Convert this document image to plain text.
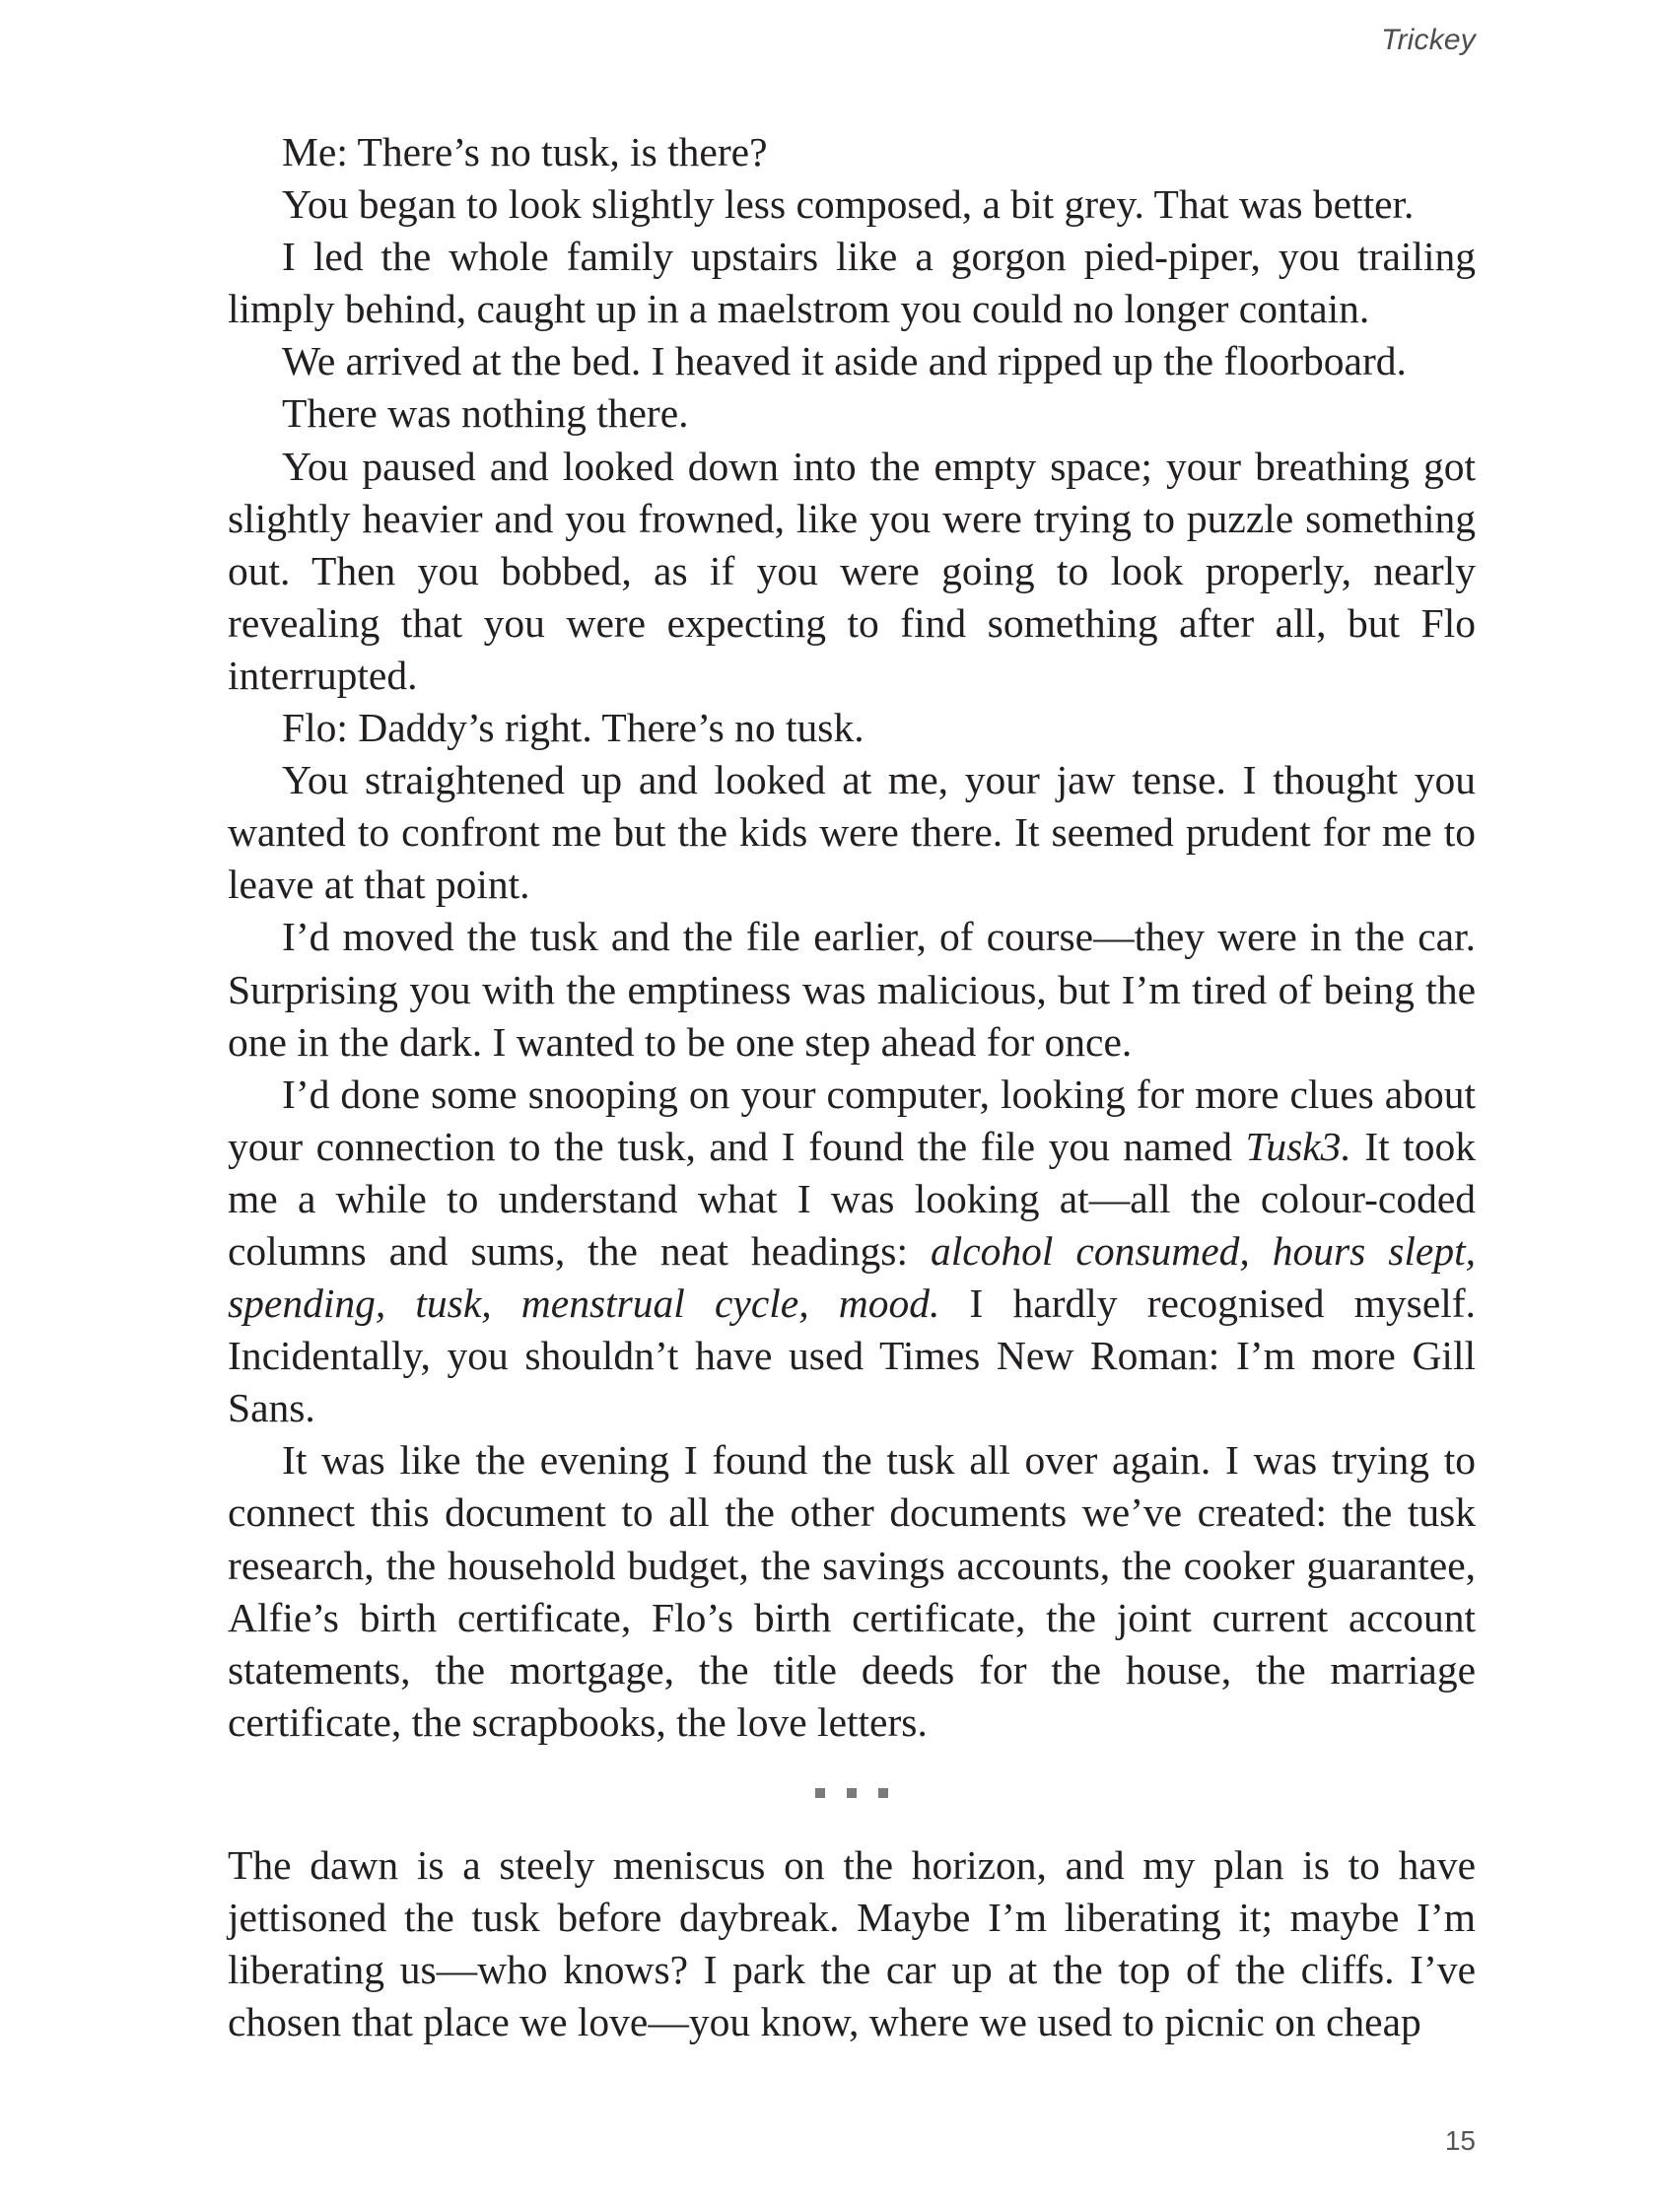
Trickey

Me: There’s no tusk, is there?

You began to look slightly less composed, a bit grey. That was better.

I led the whole family upstairs like a gorgon pied-piper, you trailing limply behind, caught up in a maelstrom you could no longer contain.

We arrived at the bed. I heaved it aside and ripped up the floorboard.

There was nothing there.

You paused and looked down into the empty space; your breathing got slightly heavier and you frowned, like you were trying to puzzle something out. Then you bobbed, as if you were going to look properly, nearly revealing that you were expecting to find something after all, but Flo interrupted.

Flo: Daddy’s right. There’s no tusk.

You straightened up and looked at me, your jaw tense. I thought you wanted to confront me but the kids were there. It seemed prudent for me to leave at that point.

I’d moved the tusk and the file earlier, of course—they were in the car. Surprising you with the emptiness was malicious, but I’m tired of being the one in the dark. I wanted to be one step ahead for once.

I’d done some snooping on your computer, looking for more clues about your connection to the tusk, and I found the file you named Tusk3. It took me a while to understand what I was looking at—all the colour-coded columns and sums, the neat headings: alcohol consumed, hours slept, spending, tusk, menstrual cycle, mood. I hardly recognised myself. Incidentally, you shouldn’t have used Times New Roman: I’m more Gill Sans.

It was like the evening I found the tusk all over again. I was trying to connect this document to all the other documents we’ve created: the tusk research, the household budget, the savings accounts, the cooker guarantee, Alfie’s birth certificate, Flo’s birth certificate, the joint current account statements, the mortgage, the title deeds for the house, the marriage certificate, the scrapbooks, the love letters.

The dawn is a steely meniscus on the horizon, and my plan is to have jettisoned the tusk before daybreak. Maybe I’m liberating it; maybe I’m liberating us—who knows? I park the car up at the top of the cliffs. I’ve chosen that place we love—you know, where we used to picnic on cheap

15
